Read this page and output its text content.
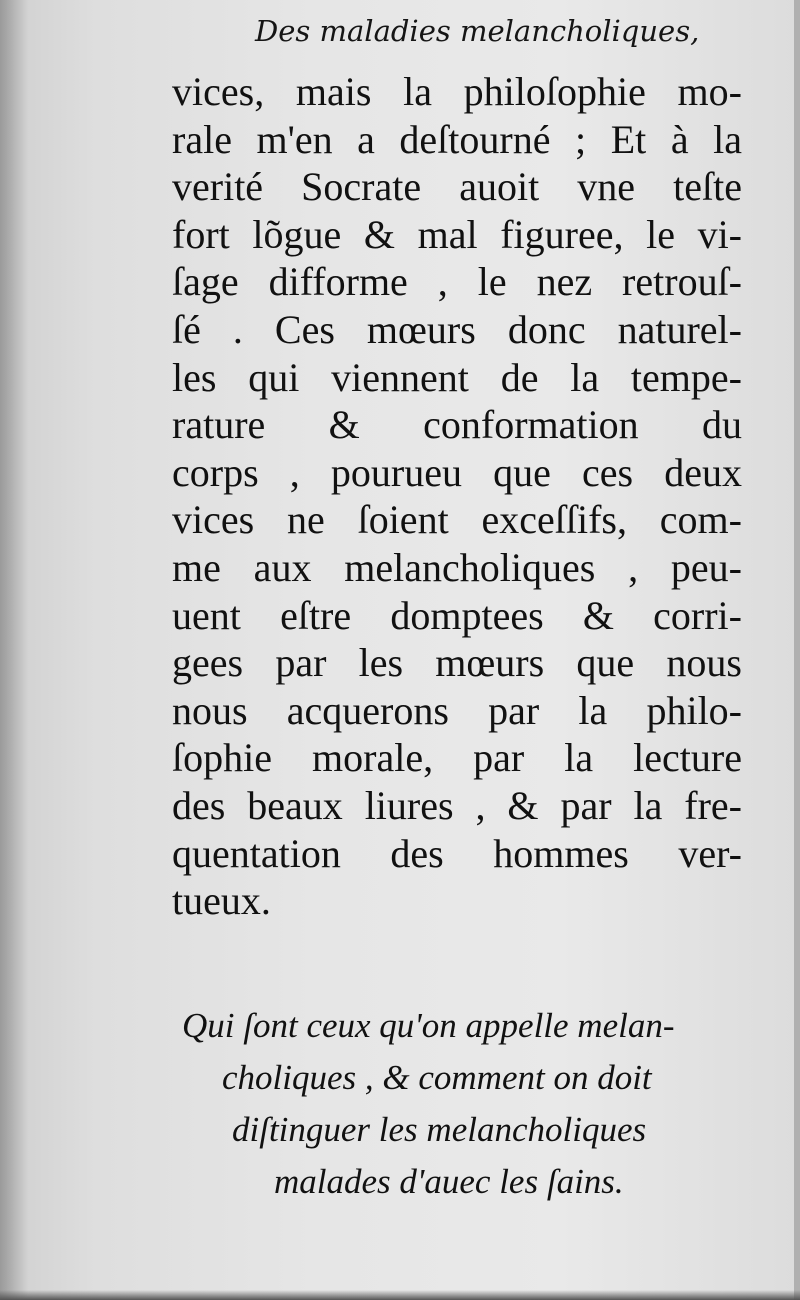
Des maladies melancholiques,
vices, mais la philoſophie mo-
rale m'en a deſtourné ; Et à la
verité Socrate auoit vne teſte
fort lõgue & mal figuree, le vi-
ſage difforme , le nez retrouſ-
ſé . Ces mœurs donc naturel-
les qui viennent de la tempe-
rature & conformation du
corps , pourueu que ces deux
vices ne ſoient exceſſifs, com-
me aux melancholiques , peu-
uent eſtre domptees & corri-
gees par les mœurs que nous
nous acquerons par la philo-
ſophie morale, par la lecture
des beaux liures , & par la fre-
quentation des hommes ver-
tueux.
Qui ſont ceux qu'on appelle melan-
choliques , & comment on doit
diſtinguer les melancholiques
malades d'auec les ſains.
